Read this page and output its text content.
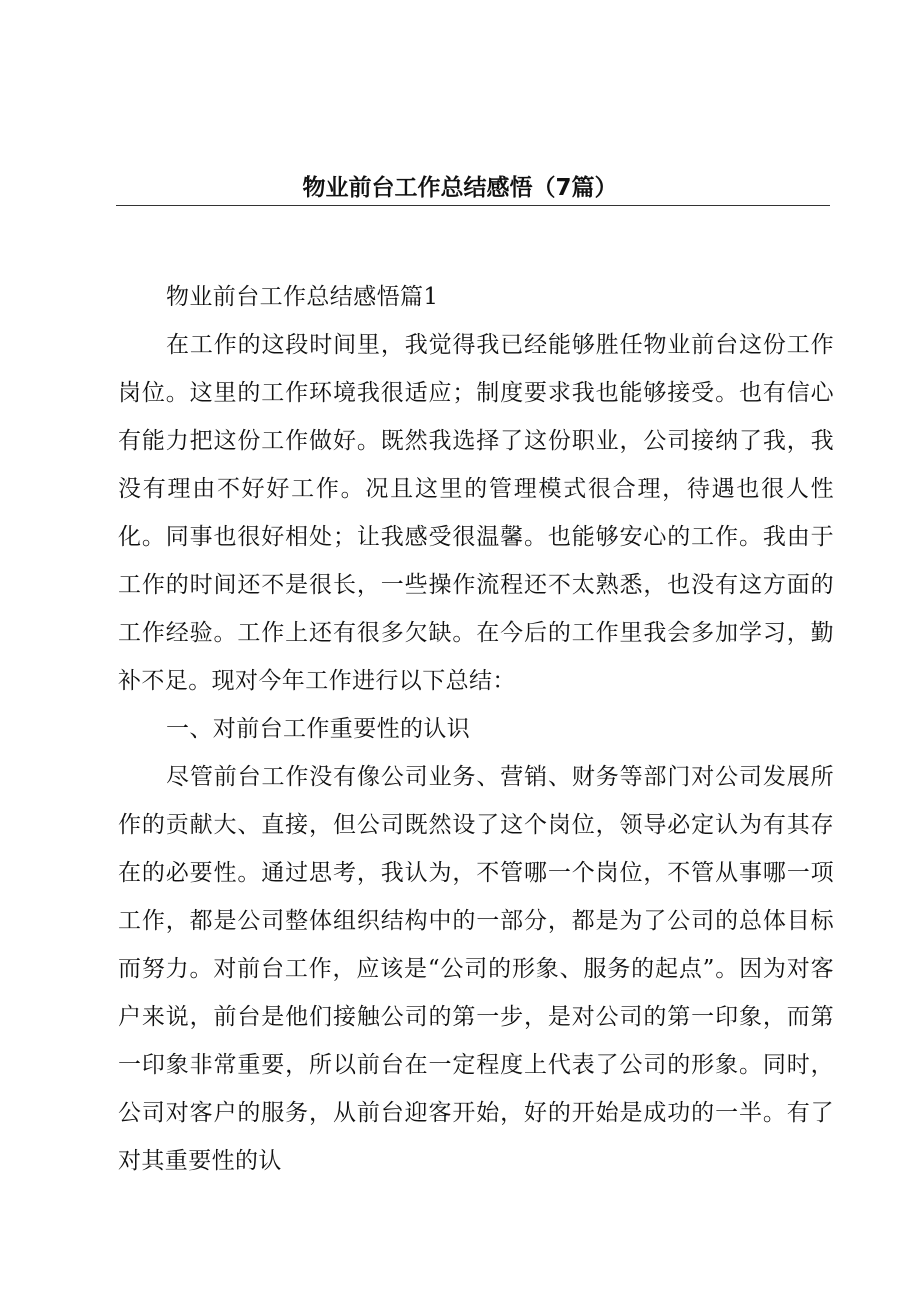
物业前台工作总结感悟（7篇）

物业前台工作总结感悟篇1

在工作的这段时间里，我觉得我已经能够胜任物业前台这份工作岗位。这里的工作环境我很适应；制度要求我也能够接受。也有信心有能力把这份工作做好。既然我选择了这份职业，公司接纳了我，我没有理由不好好工作。况且这里的管理模式很合理，待遇也很人性化。同事也很好相处；让我感受很温馨。也能够安心的工作。我由于工作的时间还不是很长，一些操作流程还不太熟悉，也没有这方面的工作经验。工作上还有很多欠缺。在今后的工作里我会多加学习，勤补不足。现对今年工作进行以下总结：

一、对前台工作重要性的认识

尽管前台工作没有像公司业务、营销、财务等部门对公司发展所作的贡献大、直接，但公司既然设了这个岗位，领导必定认为有其存在的必要性。通过思考，我认为，不管哪一个岗位，不管从事哪一项工作，都是公司整体组织结构中的一部分，都是为了公司的总体目标而努力。对前台工作，应该是“公司的形象、服务的起点”。因为对客户来说，前台是他们接触公司的第一步，是对公司的第一印象，而第一印象非常重要，所以前台在一定程度上代表了公司的形象。同时，公司对客户的服务，从前台迎客开始，好的开始是成功的一半。有了对其重要性的认
